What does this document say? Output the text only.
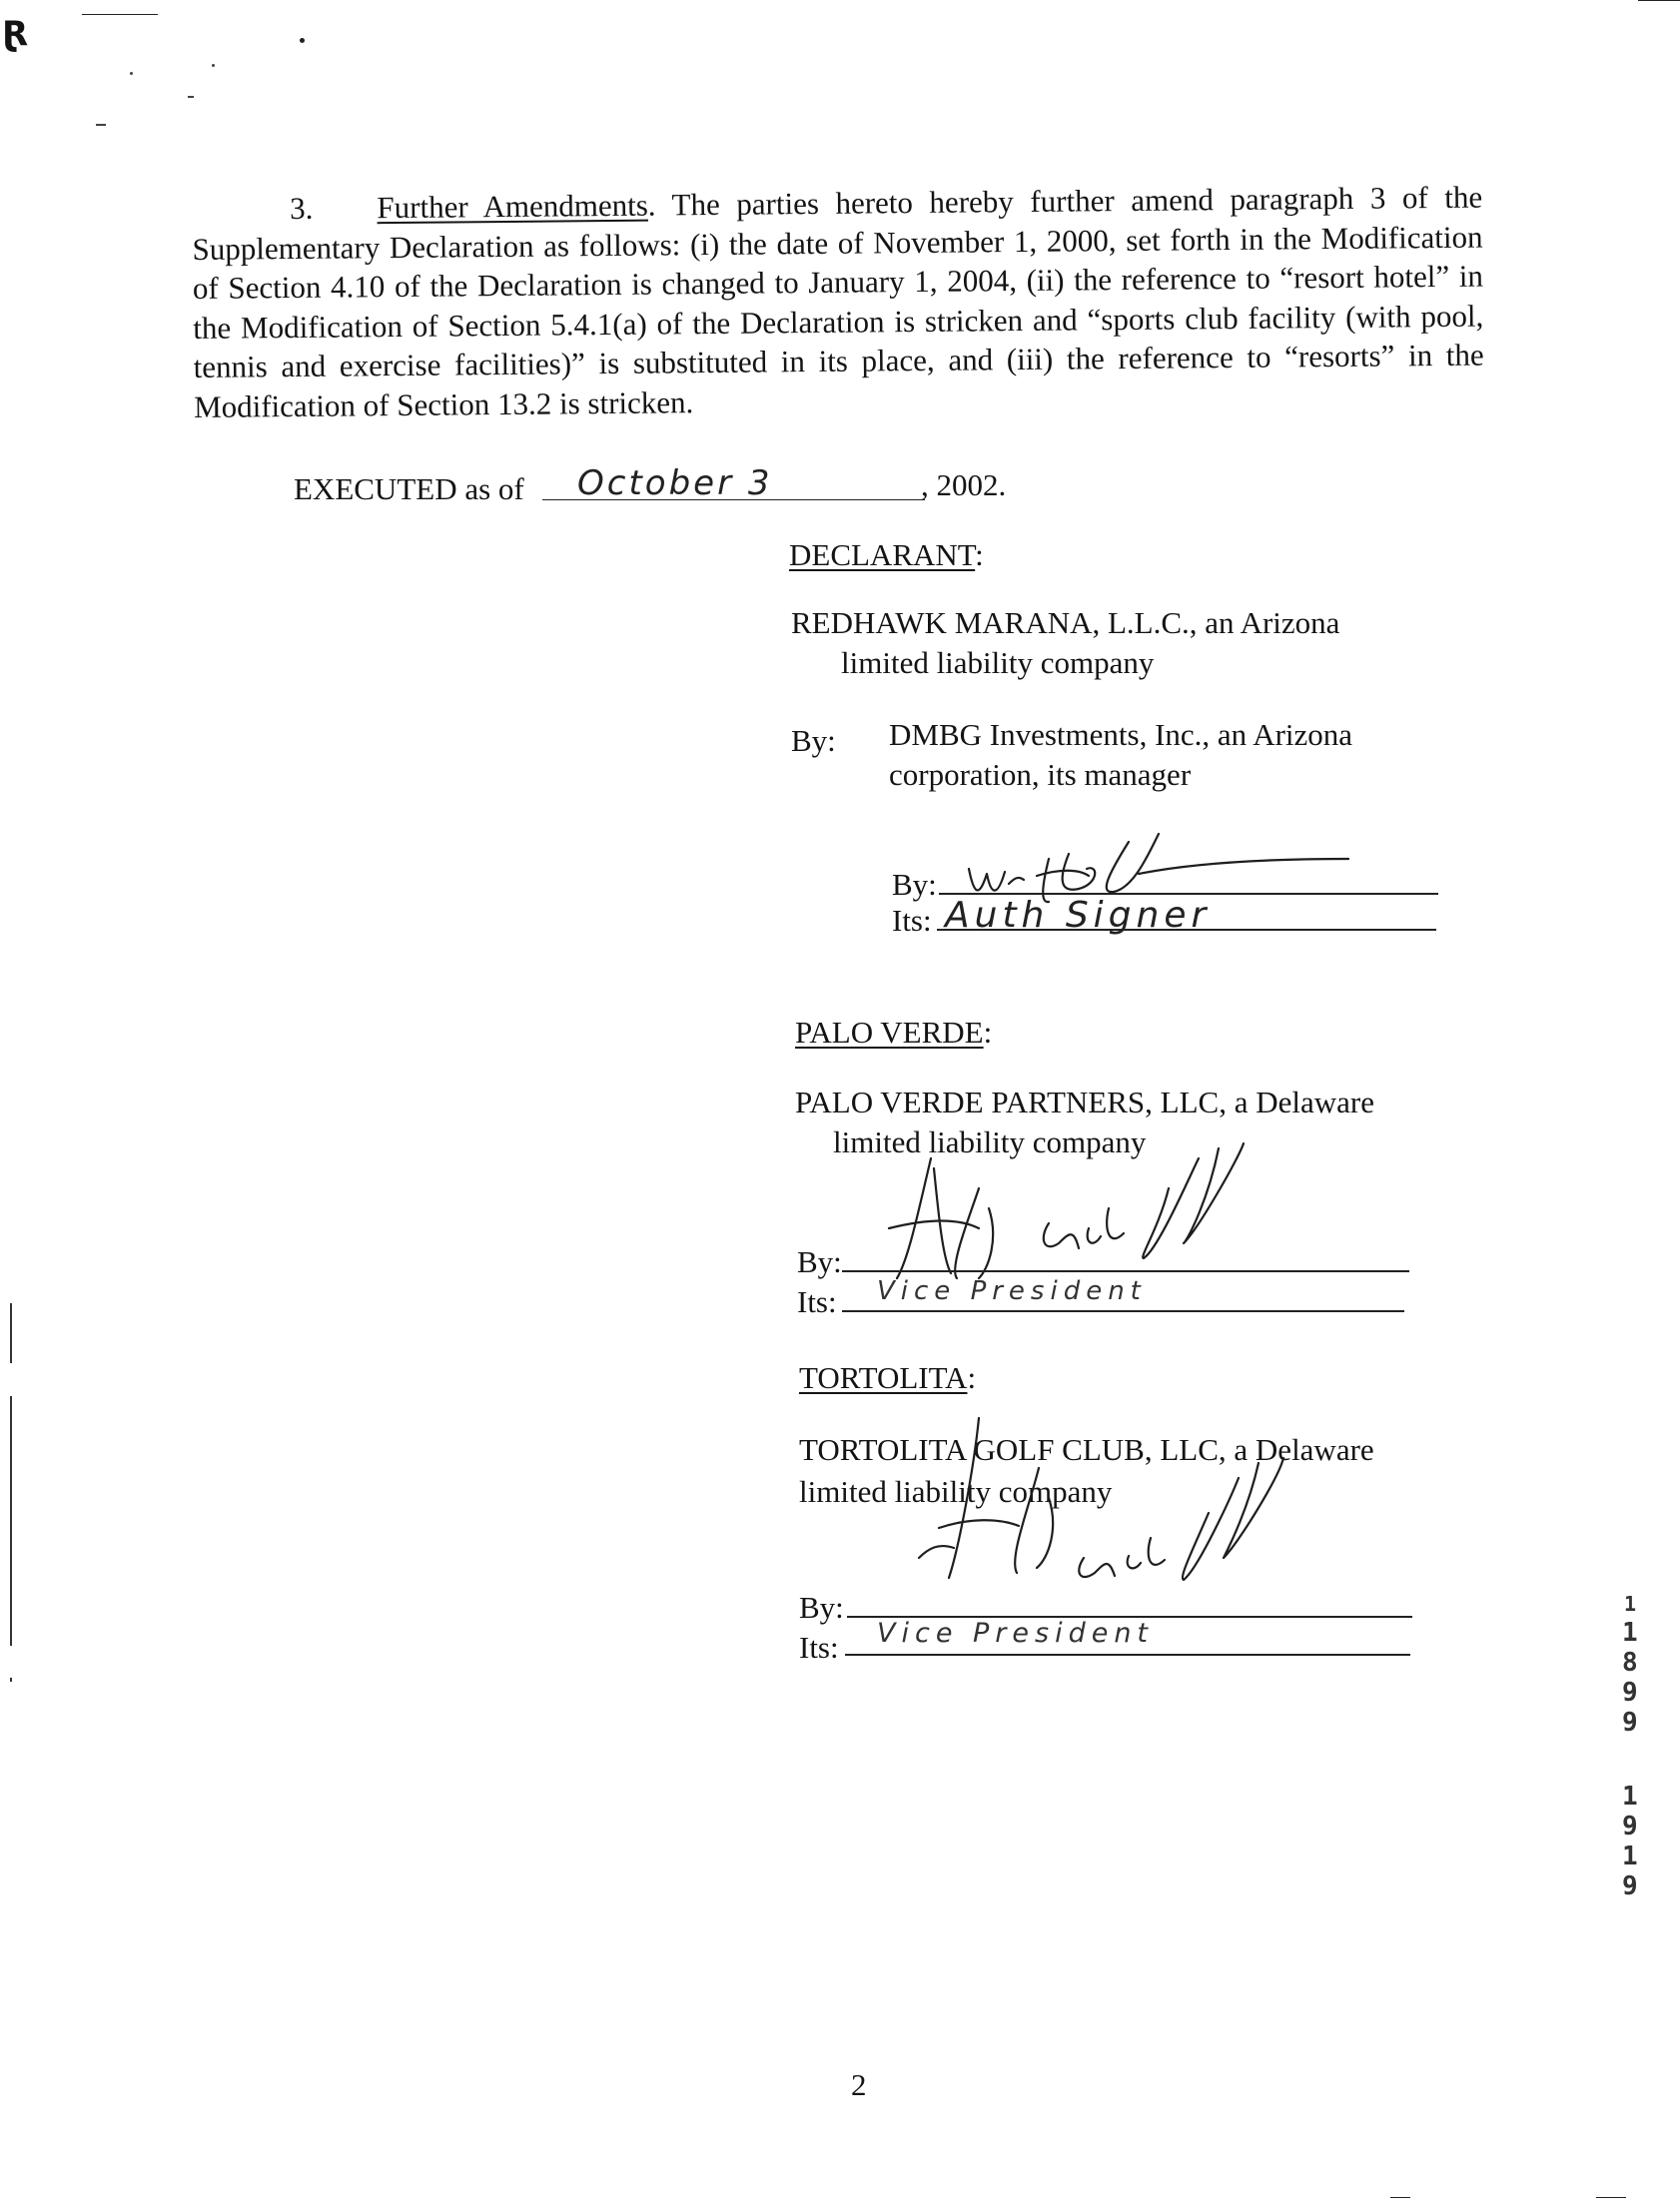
Ɽ
3. Further Amendments. The parties hereto hereby further amend paragraph 3 of the Supplementary Declaration as follows: (i) the date of November 1, 2000, set forth in the Modification of Section 4.10 of the Declaration is changed to January 1, 2004, (ii) the reference to “resort hotel” in the Modification of Section 5.4.1(a) of the Declaration is stricken and “sports club facility (with pool, tennis and exercise facilities)” is substituted in its place, and (iii) the reference to “resorts” in the Modification of Section 13.2 is stricken.
EXECUTED as of October 3	, 2002.
DECLARANT:
REDHAWK MARANA, L.L.C., an Arizona
limited liability company
By: DMBG Investments, Inc., an Arizona
corporation, its manager
By:
Its: Auth Signer
PALO VERDE:
PALO VERDE PARTNERS, LLC, a Delaware
limited liability company
By:
Its: Vice President
TORTOLITA:
TORTOLITA GOLF CLUB, LLC, a Delaware
limited liability company
By:
Its: Vice President
1
1
8
9
9
1
9
1
9
2
